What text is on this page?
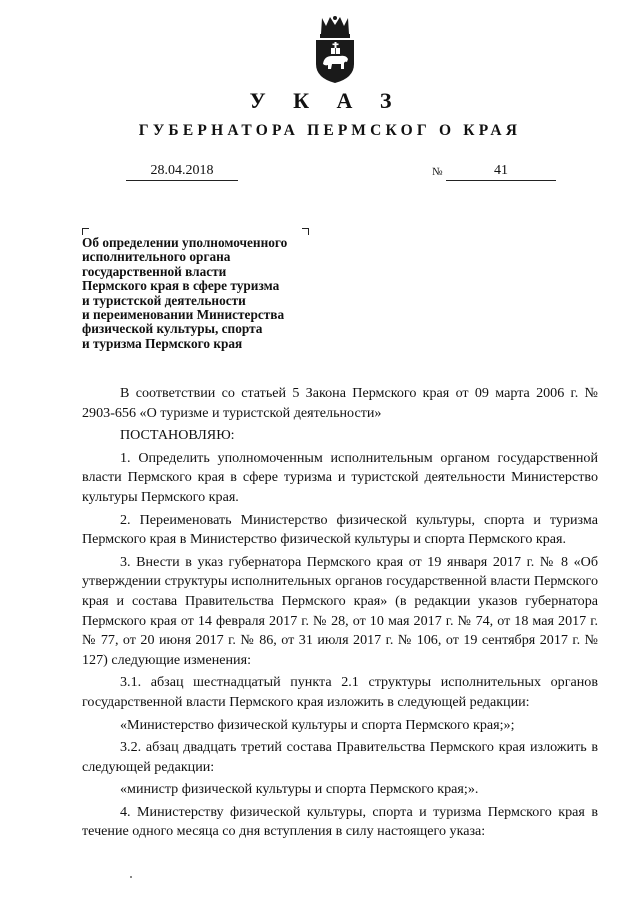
У К А З
ГУБЕРНАТОРА ПЕРМСКОГ О КРАЯ
28.04.2018	№	41
Об определении уполномоченного
исполнительного органа
государственной власти
Пермского края в сфере туризма
и туристской деятельности
и переименовании Министерства
физической культуры, спорта
и туризма Пермского края

В соответствии со статьей 5 Закона Пермского края от 09 марта 2006 г. № 2903-656 «О туризме и туристской деятельности»

ПОСТАНОВЛЯЮ:

1. Определить уполномоченным исполнительным органом государственной власти Пермского края в сфере туризма и туристской деятельности Министерство культуры Пермского края.

2. Переименовать Министерство физической культуры, спорта и туризма Пермского края в Министерство физической культуры и спорта Пермского края.

3. Внести в указ губернатора Пермского края от 19 января 2017 г. № 8 «Об утверждении структуры исполнительных органов государственной власти Пермского края и состава Правительства Пермского края» (в редакции указов губернатора Пермского края от 14 февраля 2017 г. № 28, от 10 мая 2017 г. № 74, от 18 мая 2017 г. № 77, от 20 июня 2017 г. № 86, от 31 июля 2017 г. № 106, от 19 сентября 2017 г. № 127) следующие изменения:

3.1. абзац шестнадцатый пункта 2.1 структуры исполнительных органов государственной власти Пермского края изложить в следующей редакции:

«Министерство физической культуры и спорта Пермского края;»;

3.2. абзац двадцать третий состава Правительства Пермского края изложить в следующей редакции:

«министр физической культуры и спорта Пермского края;».

4. Министерству физической культуры, спорта и туризма Пермского края в течение одного месяца со дня вступления в силу настоящего указа:
